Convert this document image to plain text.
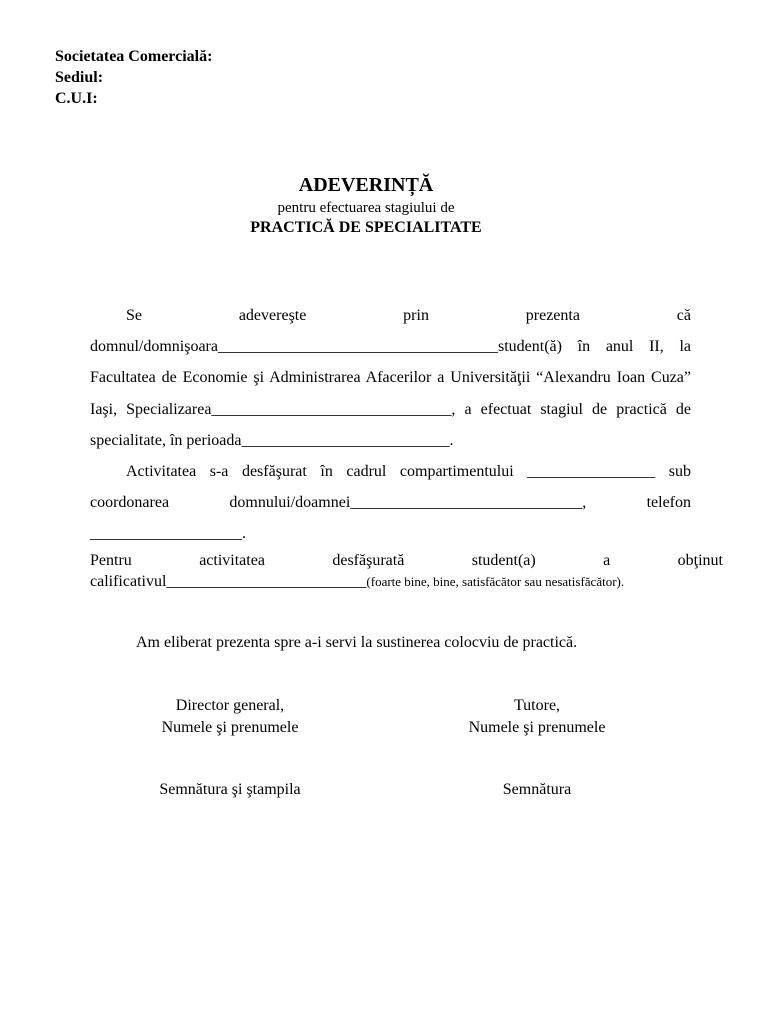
Societatea Comercială:
Sediul:
C.U.I:
ADEVERINȚĂ
pentru efectuarea stagiului de
PRACTICĂ DE SPECIALITATE

Se adevereşte prin prezenta că domnul/domnişoara___________________________________student(ă) în anul II, la Facultatea de Economie şi Administrarea Afacerilor a Universităţii “Alexandru Ioan Cuza” Iaşi, Specializarea______________________________, a efectuat stagiul de practică de specialitate, în perioada__________________________.

Activitatea s-a desfăşurat în cadrul compartimentului ________________ sub coordonarea domnului/doamnei_____________________________, telefon ___________________.

Pentru activitatea desfăşurată student(a) a obţinut

calificativul_________________________(foarte bine, bine, satisfăcător sau nesatisfăcător).

Am eliberat prezenta spre a-i servi la sustinerea colocviu de practică.
Director general,
Numele şi prenumele
Semnătura şi ştampila
Tutore,
Numele şi prenumele
Semnătura
